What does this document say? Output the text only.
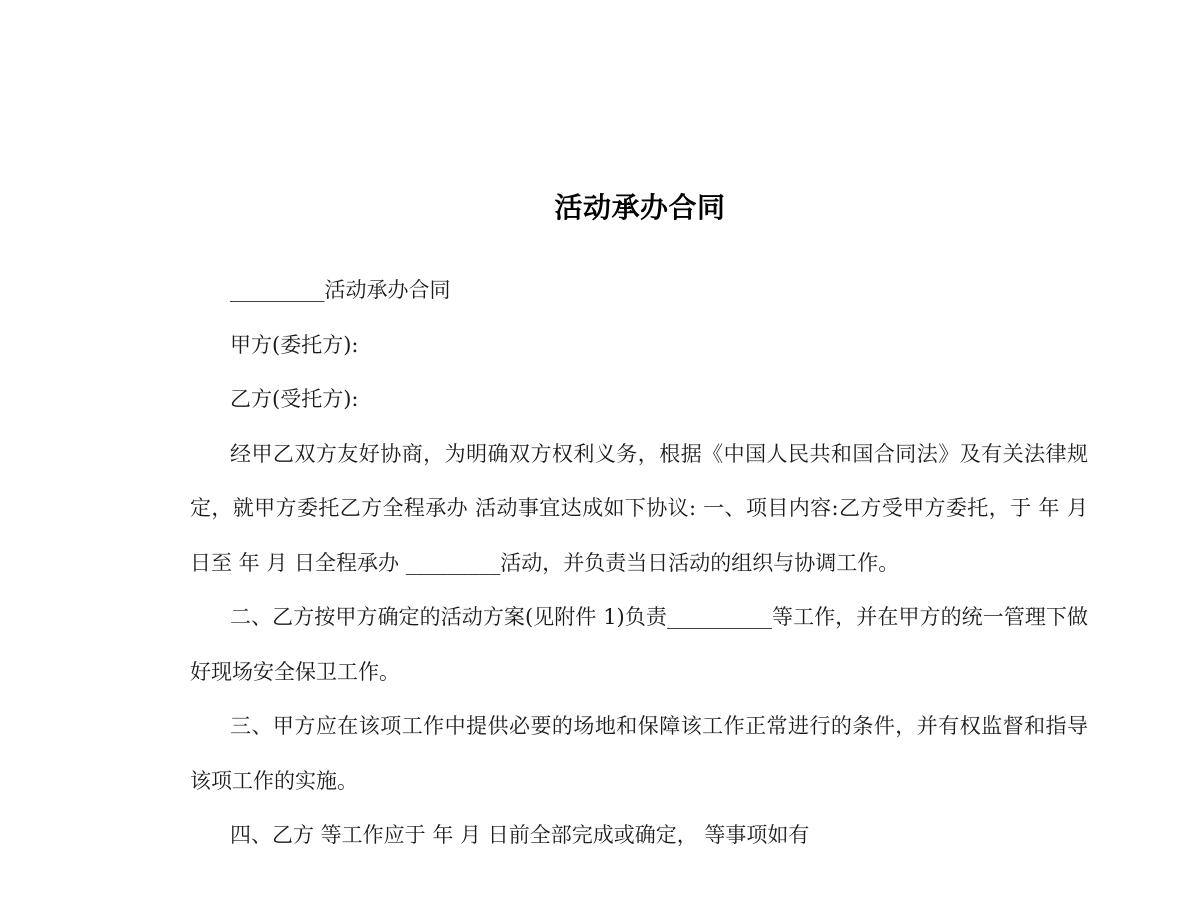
活动承办合同

_________活动承办合同

甲方(委托方):

乙方(受托方):

经甲乙双方友好协商，为明确双方权利义务，根据《中国人民共和国合同法》及有关法律规定，就甲方委托乙方全程承办 活动事宜达成如下协议: 一、项目内容:乙方受甲方委托，于 年 月 日至 年 月 日全程承办 _________活动，并负责当日活动的组织与协调工作。

二、乙方按甲方确定的活动方案(见附件 1)负责__________等工作，并在甲方的统一管理下做好现场安全保卫工作。

三、甲方应在该项工作中提供必要的场地和保障该工作正常进行的条件，并有权监督和指导该项工作的实施。

四、乙方 等工作应于 年 月 日前全部完成或确定， 等事项如有
